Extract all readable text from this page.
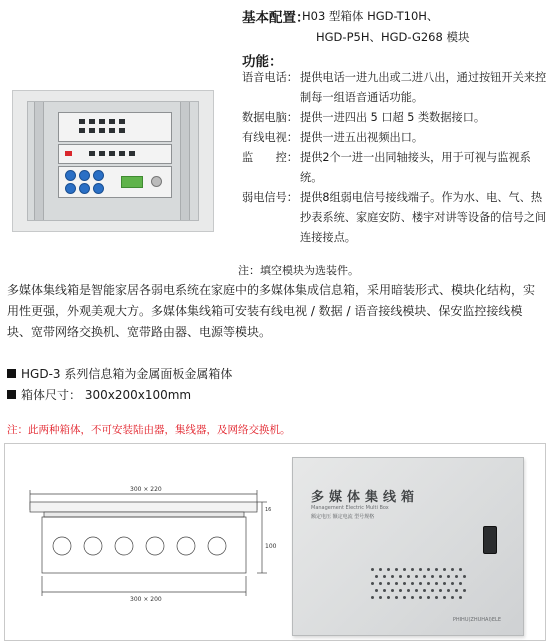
基本配置：
H03 型箱体 HGD-T10H、
HGD-P5H、HGD-G268 模块
功能：
语音电话： 提供电话一进九出或二进八出，通过按钮开关来控制每一组语音通话功能。
数据电脑： 提供一进四出 5 口超 5 类数据接口。
有线电视： 提供一进五出视频出口。
监　　控： 提供2个一进一出同轴接头，用于可视与监视系统。
弱电信号： 提供8组弱电信号接线端子。作为水、电、气、热抄表系统、家庭安防、楼宇对讲等设备的信号之间连接接点。
注：填空模块为选装件。
多媒体集线箱是智能家居各弱电系统在家庭中的多媒体集成信息箱，采用暗装形式、模块化结构，实用性更强，外观美观大方。多媒体集线箱可安装有线电视 / 数据 / 语音接线模块、保安监控接线模块、宽带网络交换机、宽带路由器、电源等模块。
HGD-3 系列信息箱为金属面板金属箱体
箱体尺寸： 300x200x100mm
注：此两种箱体，不可安装陆由器，集线器，及网络交换机。
300 × 220
300 × 200
16
100
多媒体集线箱
Management Electric Multi Box
额定电压 额定电流 型号规格
PHIHU(ZHUHAI)ELE
